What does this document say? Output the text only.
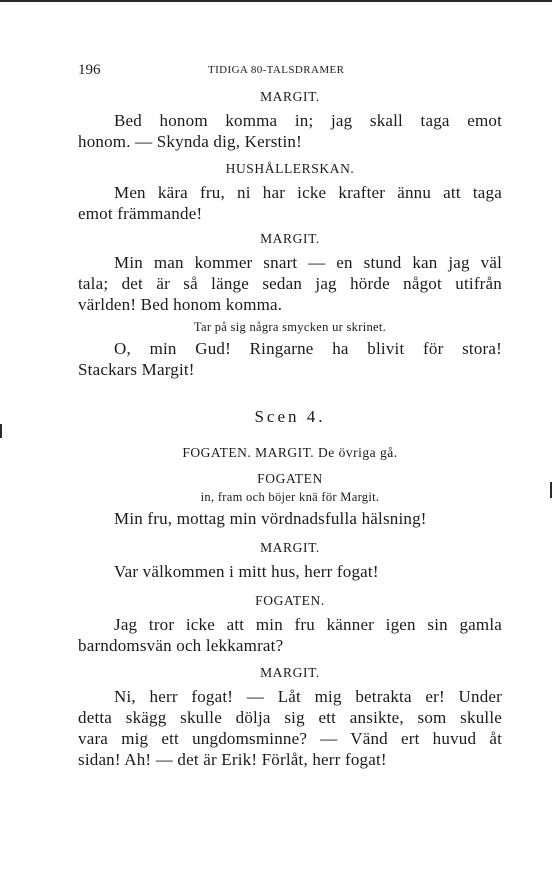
196	TIDIGA 80-TALSDRAMER
MARGIT.
Bed honom komma in; jag skall taga emot
honom. — Skynda dig, Kerstin!
HUSHÅLLERSKAN.
Men kära fru, ni har icke krafter ännu att taga
emot främmande!
MARGIT.
Min man kommer snart — en stund kan jag väl
tala; det är så länge sedan jag hörde något utifrån
världen! Bed honom komma.
Tar på sig några smycken ur skrinet.
O, min Gud! Ringarne ha blivit för stora!
Stackars Margit!
Scen 4.
FOGATEN. MARGIT. De övriga gå.
FOGATEN
in, fram och böjer knä för Margit.
Min fru, mottag min vördnadsfulla hälsning!
MARGIT.
Var välkommen i mitt hus, herr fogat!
FOGATEN.
Jag tror icke att min fru känner igen sin gamla
barndomsvän och lekkamrat?
MARGIT.
Ni, herr fogat! — Låt mig betrakta er! Under
detta skägg skulle dölja sig ett ansikte, som skulle
vara mig ett ungdomsminne? — Vänd ert huvud åt
sidan! Ah! — det är Erik! Förlåt, herr fogat!
